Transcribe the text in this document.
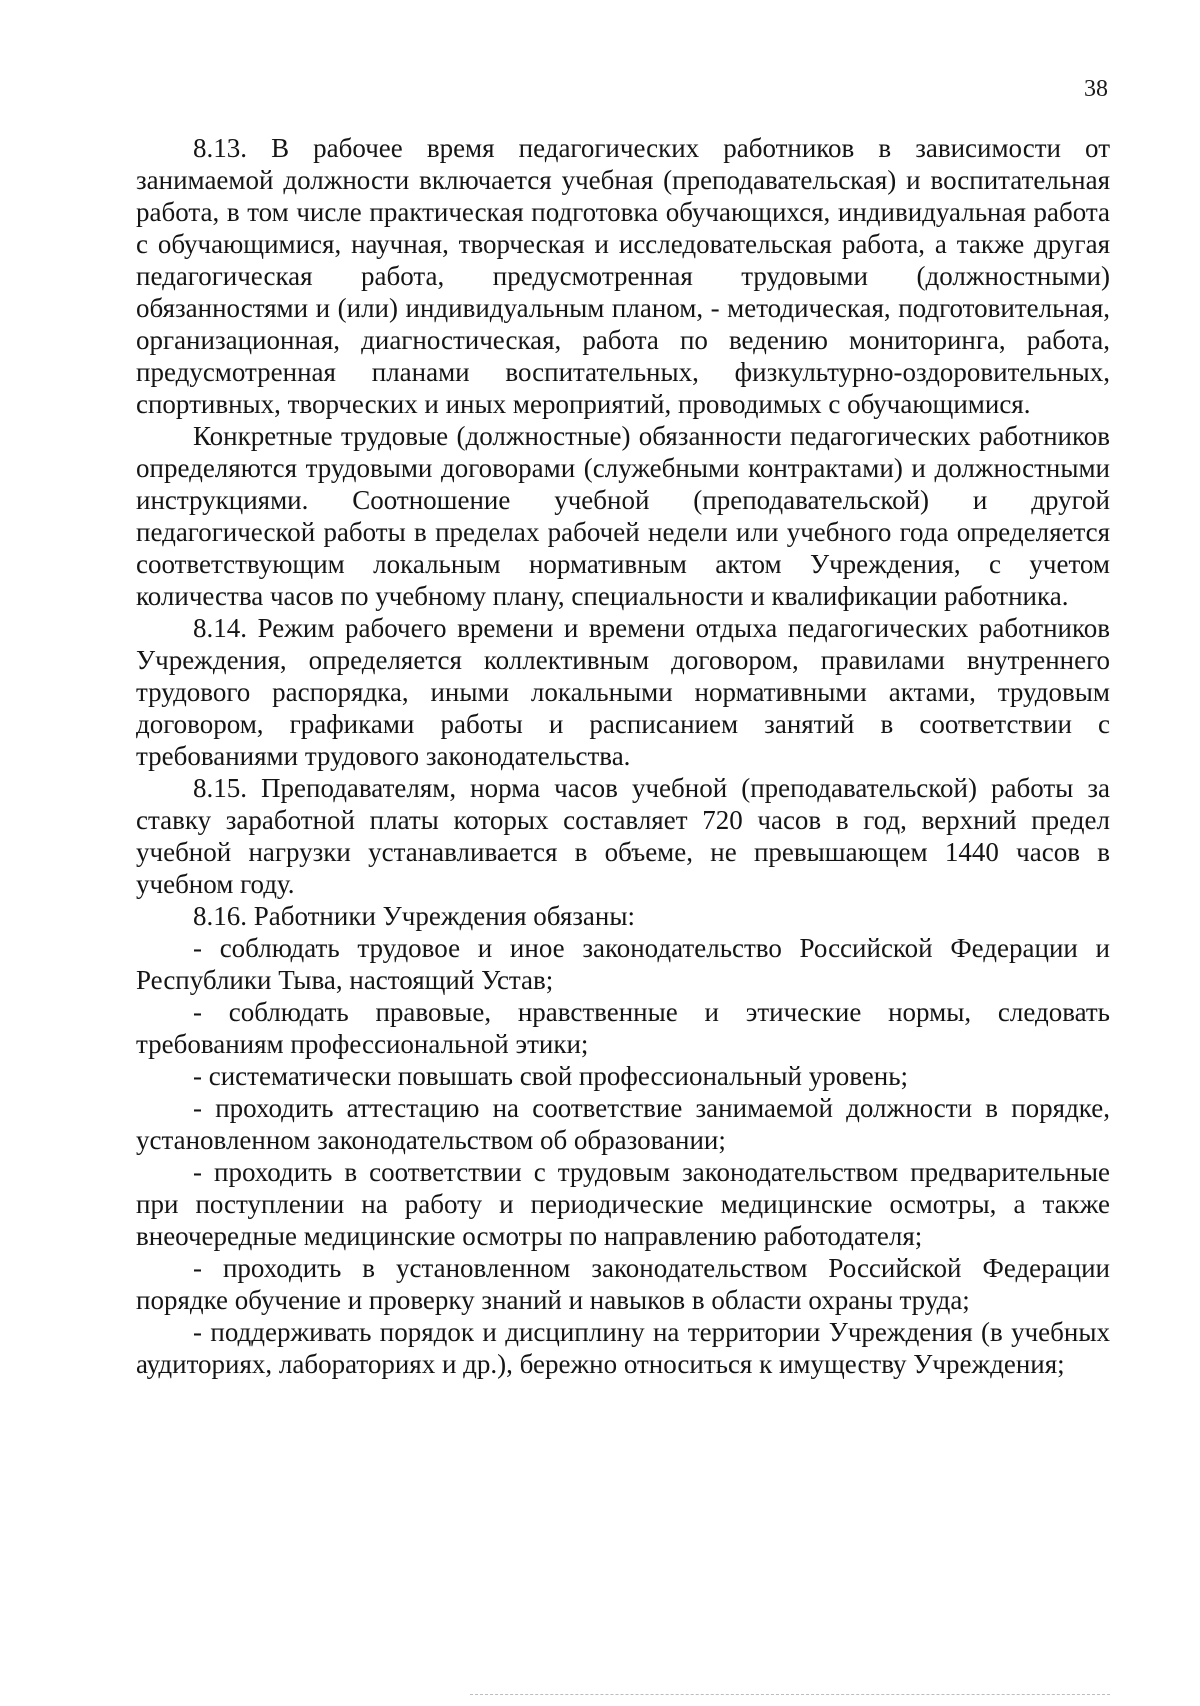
38

8.13. В рабочее время педагогических работников в зависимости от занимаемой должности включается учебная (преподавательская) и воспитательная работа, в том числе практическая подготовка обучающихся, индивидуальная работа с обучающимися, научная, творческая и исследовательская работа, а также другая педагогическая работа, предусмотренная трудовыми (должностными) обязанностями и (или) индивидуальным планом, - методическая, подготовительная, организационная, диагностическая, работа по ведению мониторинга, работа, предусмотренная планами воспитательных, физкультурно-оздоровительных, спортивных, творческих и иных мероприятий, проводимых с обучающимися.

Конкретные трудовые (должностные) обязанности педагогических работников определяются трудовыми договорами (служебными контрактами) и должностными инструкциями. Соотношение учебной (преподавательской) и другой педагогической работы в пределах рабочей недели или учебного года определяется соответствующим локальным нормативным актом Учреждения, с учетом количества часов по учебному плану, специальности и квалификации работника.

8.14. Режим рабочего времени и времени отдыха педагогических работников Учреждения, определяется коллективным договором, правилами внутреннего трудового распорядка, иными локальными нормативными актами, трудовым договором, графиками работы и расписанием занятий в соответствии с требованиями трудового законодательства.

8.15. Преподавателям, норма часов учебной (преподавательской) работы за ставку заработной платы которых составляет 720 часов в год, верхний предел учебной нагрузки устанавливается в объеме, не превышающем 1440 часов в учебном году.

8.16. Работники Учреждения обязаны:

- соблюдать трудовое и иное законодательство Российской Федерации и Республики Тыва, настоящий Устав;

- соблюдать правовые, нравственные и этические нормы, следовать требованиям профессиональной этики;

- систематически повышать свой профессиональный уровень;

- проходить аттестацию на соответствие занимаемой должности в порядке, установленном законодательством об образовании;

- проходить в соответствии с трудовым законодательством предварительные при поступлении на работу и периодические медицинские осмотры, а также внеочередные медицинские осмотры по направлению работодателя;

- проходить в установленном законодательством Российской Федерации порядке обучение и проверку знаний и навыков в области охраны труда;

- поддерживать порядок и дисциплину на территории Учреждения (в учебных аудиториях, лабораториях и др.), бережно относиться к имуществу Учреждения;
